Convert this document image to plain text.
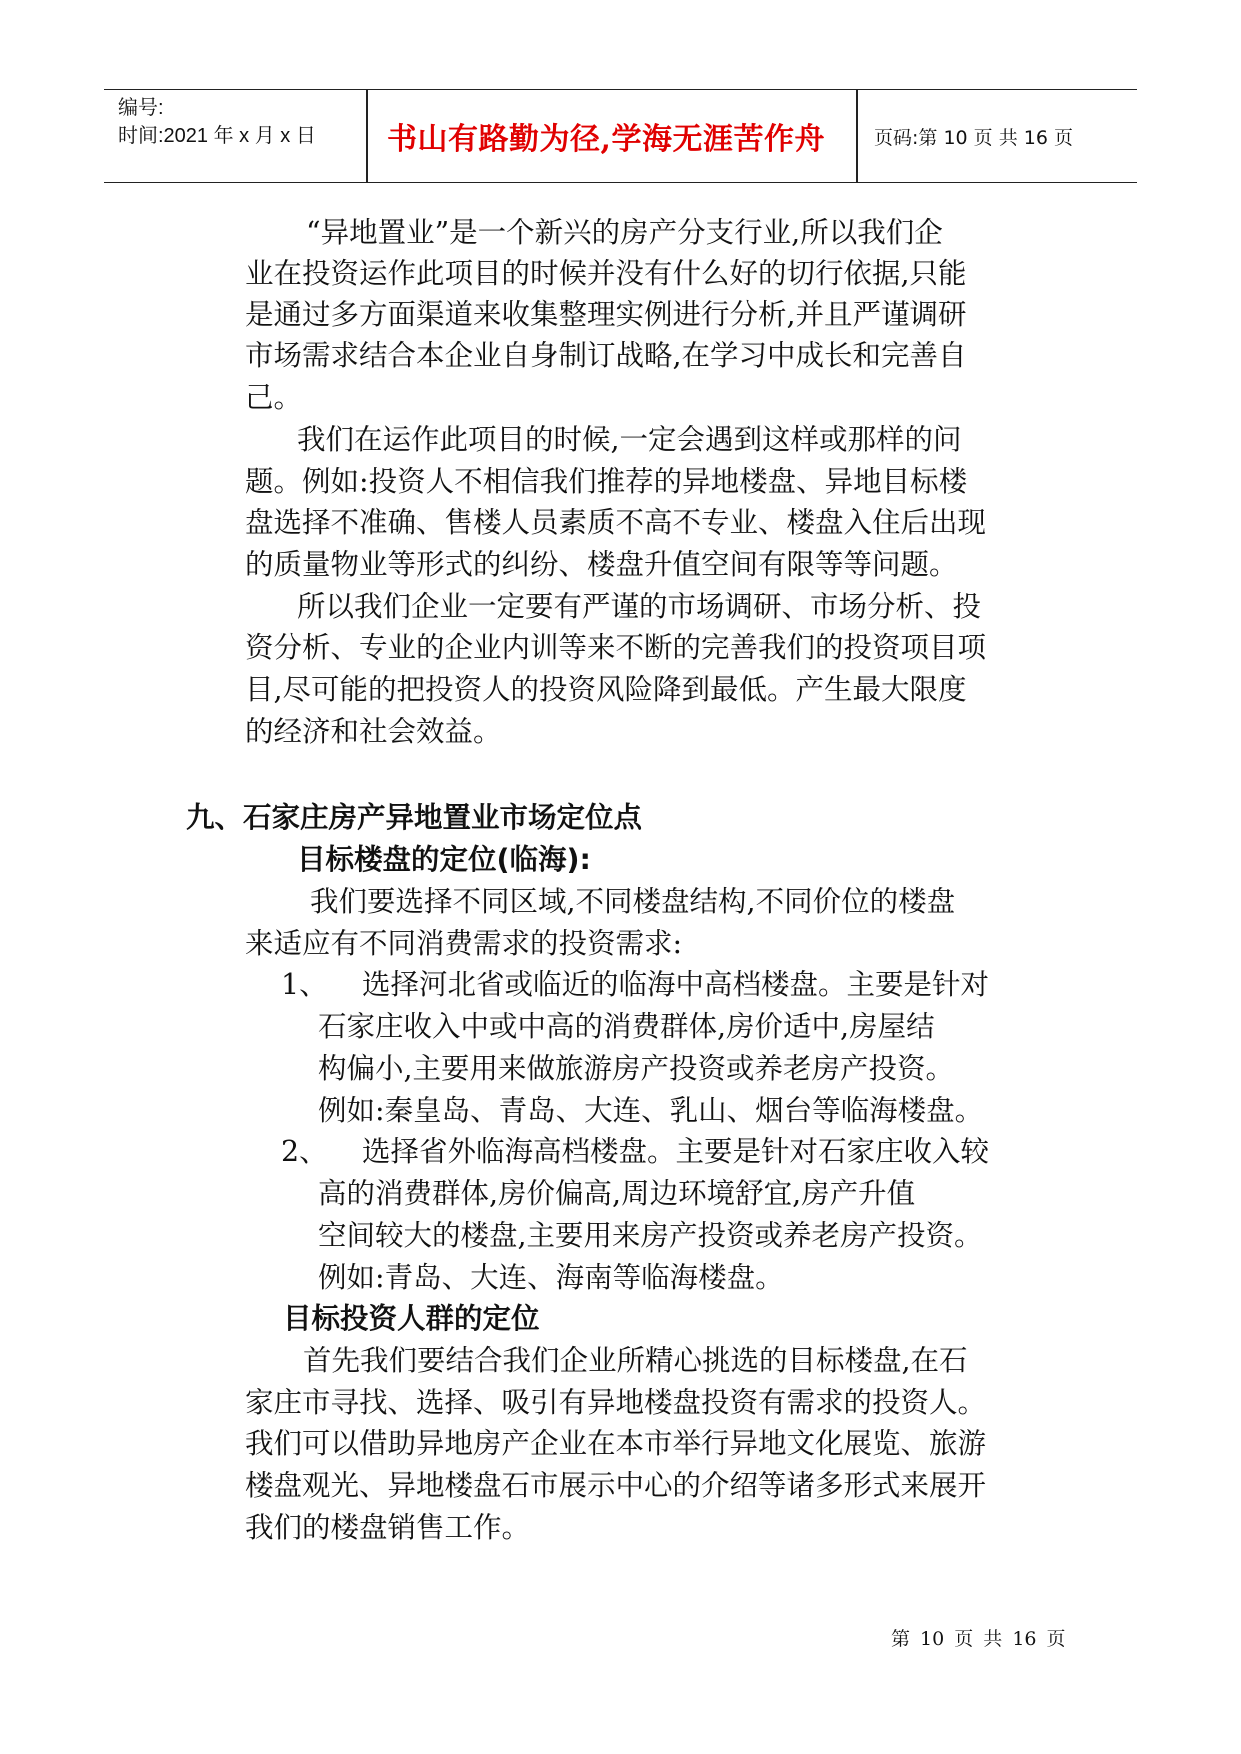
编号:
时间:2021 年 x 月 x 日	书山有路勤为径,学海无涯苦作舟	页码:第 10 页 共 16 页
“异地置业”是一个新兴的房产分支行业,所以我们企
业在投资运作此项目的时候并没有什么好的切行依据,只能
是通过多方面渠道来收集整理实例进行分析,并且严谨调研
市场需求结合本企业自身制订战略,在学习中成长和完善自
己。
我们在运作此项目的时候,一定会遇到这样或那样的问
题。例如:投资人不相信我们推荐的异地楼盘、异地目标楼
盘选择不准确、售楼人员素质不高不专业、楼盘入住后出现
的质量物业等形式的纠纷、楼盘升值空间有限等等问题。
所以我们企业一定要有严谨的市场调研、市场分析、投
资分析、专业的企业内训等来不断的完善我们的投资项目项
目,尽可能的把投资人的投资风险降到最低。产生最大限度
的经济和社会效益。
九、石家庄房产异地置业市场定位点
目标楼盘的定位(临海):
我们要选择不同区域,不同楼盘结构,不同价位的楼盘
来适应有不同消费需求的投资需求:
1、 选择河北省或临近的临海中高档楼盘。主要是针对
石家庄收入中或中高的消费群体,房价适中,房屋结
构偏小,主要用来做旅游房产投资或养老房产投资。
例如:秦皇岛、青岛、大连、乳山、烟台等临海楼盘。
2、 选择省外临海高档楼盘。主要是针对石家庄收入较
高的消费群体,房价偏高,周边环境舒宜,房产升值
空间较大的楼盘,主要用来房产投资或养老房产投资。
例如:青岛、大连、海南等临海楼盘。
目标投资人群的定位
首先我们要结合我们企业所精心挑选的目标楼盘,在石
家庄市寻找、选择、吸引有异地楼盘投资有需求的投资人。
我们可以借助异地房产企业在本市举行异地文化展览、旅游
楼盘观光、异地楼盘石市展示中心的介绍等诸多形式来展开
我们的楼盘销售工作。
第 10 页 共 16 页
